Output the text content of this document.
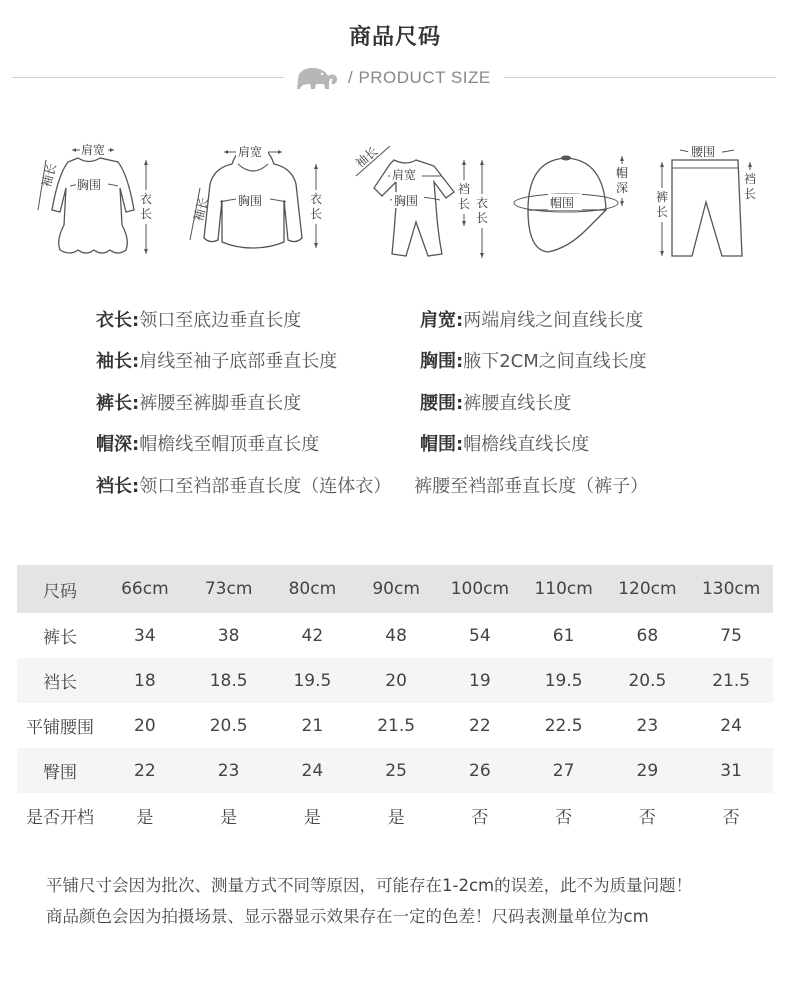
商品尺码
/ PRODUCT SIZE
肩宽
胸围
袖长
衣
长
肩宽
胸围
袖长	衣
长
肩宽
胸围
袖长
裆
长 衣
长
帽围
帽
深
腰围
裤
长
裆
长
衣长:领口至底边垂直长度	肩宽:两端肩线之间直线长度
袖长:肩线至袖子底部垂直长度	胸围:腋下2CM之间直线长度
裤长:裤腰至裤脚垂直长度	腰围:裤腰直线长度
帽深:帽檐线至帽顶垂直长度	帽围:帽檐线直线长度
裆长:领口至裆部垂直长度（连体衣）    裤腰至裆部垂直长度（裤子）
尺码	66cm	73cm	80cm	90cm	100cm	110cm	120cm	130cm
裤长	34	38	42	48	54	61	68	75
裆长	18	18.5	19.5	20	19	19.5	20.5	21.5
平铺腰围	20	20.5	21	21.5	22	22.5	23	24
臀围	22	23	24	25	26	27	29	31
是否开档	是	是	是	是	否	否	否	否
平铺尺寸会因为批次、测量方式不同等原因，可能存在1-2cm的误差，此不为质量问题！
商品颜色会因为拍摄场景、显示器显示效果存在一定的色差！尺码表测量单位为cm
